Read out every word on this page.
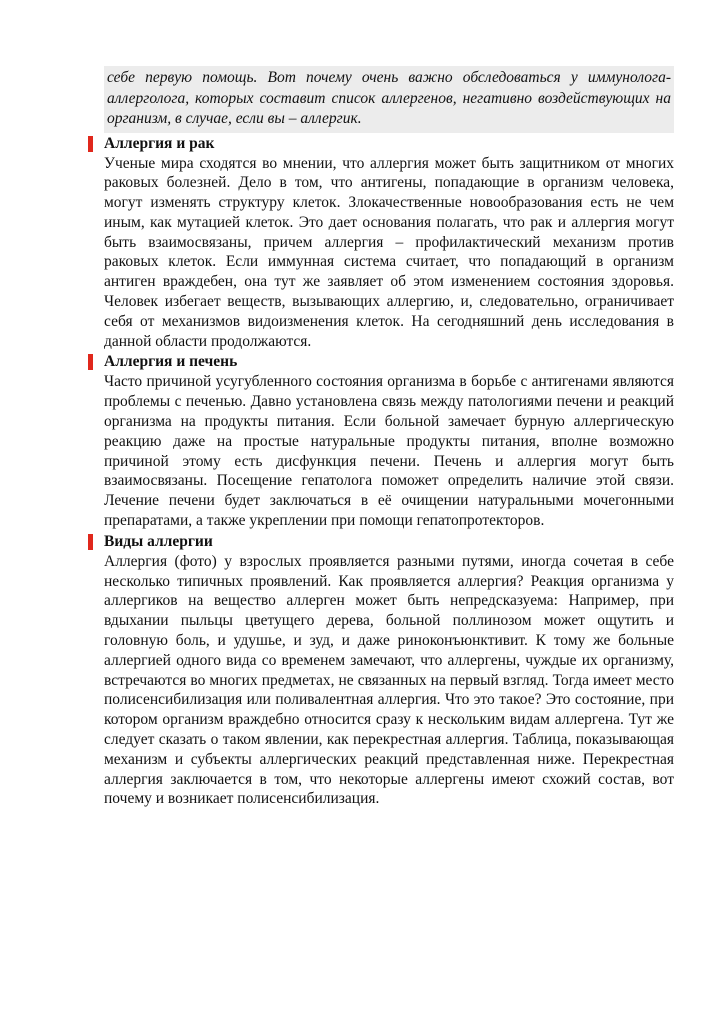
себе первую помощь. Вот почему очень важно обследоваться у иммунолога-аллерголога, которых составит список аллергенов, негативно воздействующих на организм, в случае, если вы – аллергик.

Аллергия и рак

Ученые мира сходятся во мнении, что аллергия может быть защитником от многих раковых болезней. Дело в том, что антигены, попадающие в организм человека, могут изменять структуру клеток. Злокачественные новообразования есть не чем иным, как мутацией клеток. Это дает основания полагать, что рак и аллергия могут быть взаимосвязаны, причем аллергия – профилактический механизм против раковых клеток. Если иммунная система считает, что попадающий в организм антиген враждебен, она тут же заявляет об этом изменением состояния здоровья. Человек избегает веществ, вызывающих аллергию, и, следовательно, ограничивает себя от механизмов видоизменения клеток. На сегодняшний день исследования в данной области продолжаются.

Аллергия и печень

Часто причиной усугубленного состояния организма в борьбе с антигенами являются проблемы с печенью. Давно установлена связь между патологиями печени и реакций организма на продукты питания. Если больной замечает бурную аллергическую реакцию даже на простые натуральные продукты питания, вполне возможно причиной этому есть дисфункция печени. Печень и аллергия могут быть взаимосвязаны. Посещение гепатолога поможет определить наличие этой связи. Лечение печени будет заключаться в её очищении натуральными мочегонными препаратами, а также укреплении при помощи гепатопротекторов.

Виды аллергии

Аллергия (фото) у взрослых проявляется разными путями, иногда сочетая в себе несколько типичных проявлений. Как проявляется аллергия? Реакция организма у аллергиков на вещество аллерген может быть непредсказуема: Например, при вдыхании пыльцы цветущего дерева, больной поллинозом может ощутить и головную боль, и удушье, и зуд, и даже риноконъюнктивит. К тому же больные аллергией одного вида со временем замечают, что аллергены, чуждые их организму, встречаются во многих предметах, не связанных на первый взгляд. Тогда имеет место полисенсибилизация или поливалентная аллергия. Что это такое? Это состояние, при котором организм враждебно относится сразу к нескольким видам аллергена. Тут же следует сказать о таком явлении, как перекрестная аллергия. Таблица, показывающая механизм и субъекты аллергических реакций представленная ниже. Перекрестная аллергия заключается в том, что некоторые аллергены имеют схожий состав, вот почему и возникает полисенсибилизация.
